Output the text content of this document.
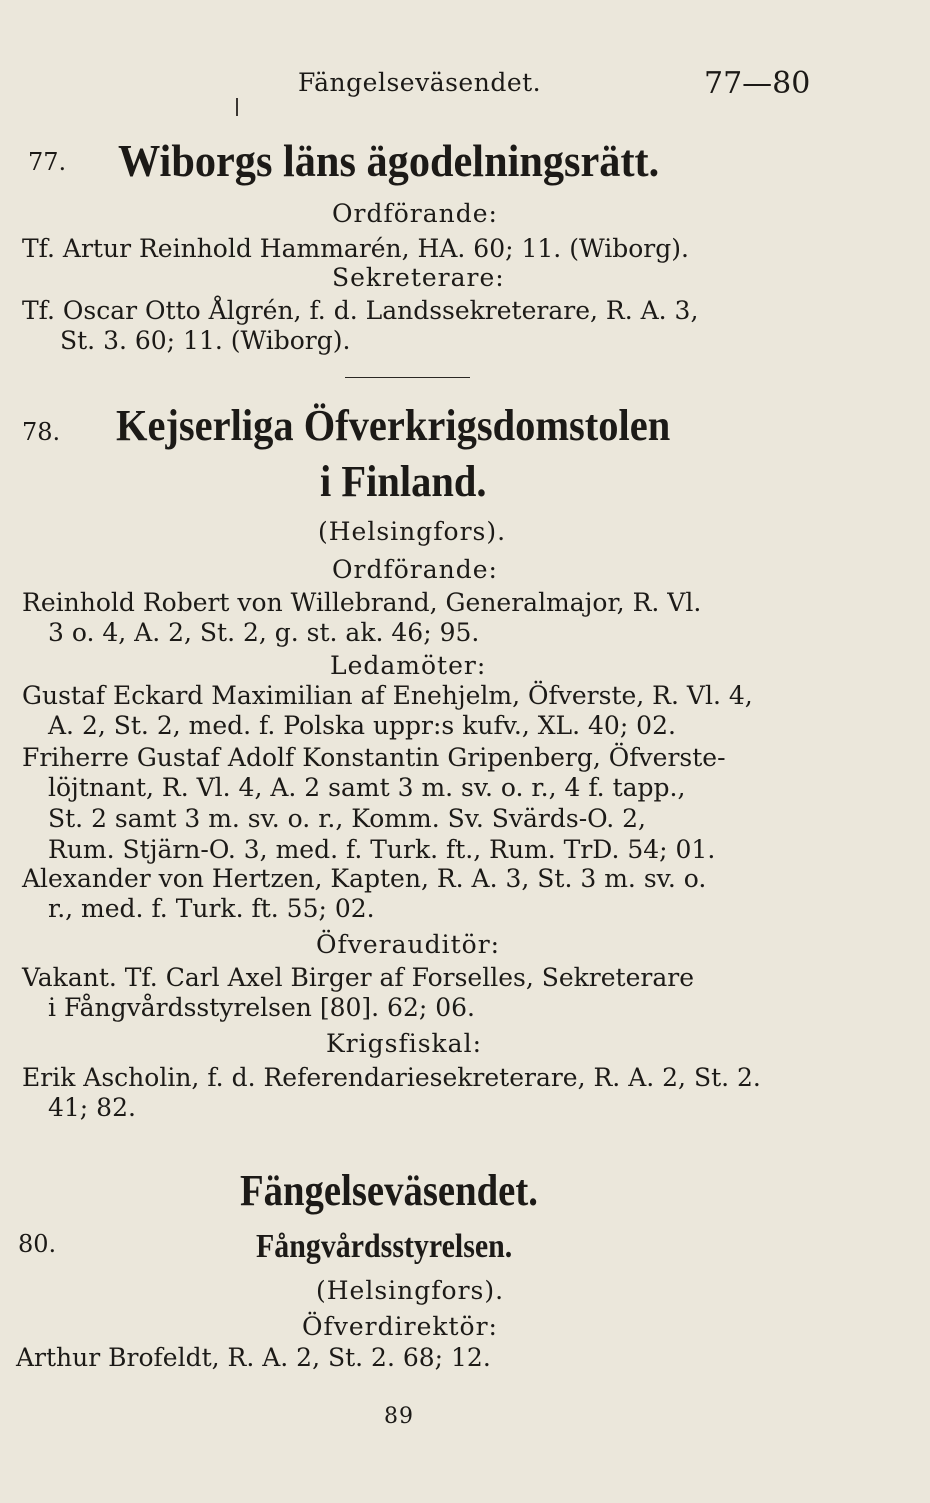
Fängelseväsendet.	77—80
77. Wiborgs läns ägodelningsrätt.
Ordförande:
Tf. Artur Reinhold Hammarén, HA. 60; 11. (Wiborg).
Sekreterare:
Tf. Oscar Otto Ålgrén, f. d. Landssekreterare, R. A. 3,
St. 3. 60; 11. (Wiborg).
78. Kejserliga Öfverkrigsdomstolen
i Finland.
(Helsingfors).
Ordförande:
Reinhold Robert von Willebrand, Generalmajor, R. Vl.
3 o. 4, A. 2, St. 2, g. st. ak. 46; 95.
Ledamöter:
Gustaf Eckard Maximilian af Enehjelm, Öfverste, R. Vl. 4,
A. 2, St. 2, med. f. Polska uppr:s kufv., XL. 40; 02.
Friherre Gustaf Adolf Konstantin Gripenberg, Öfverste-
löjtnant, R. Vl. 4, A. 2 samt 3 m. sv. o. r., 4 f. tapp.,
St. 2 samt 3 m. sv. o. r., Komm. Sv. Svärds-O. 2,
Rum. Stjärn-O. 3, med. f. Turk. ft., Rum. TrD. 54; 01.
Alexander von Hertzen, Kapten, R. A. 3, St. 3 m. sv. o.
r., med. f. Turk. ft. 55; 02.
Öfverauditör:
Vakant. Tf. Carl Axel Birger af Forselles, Sekreterare
i Fångvårdsstyrelsen [80]. 62; 06.
Krigsfiskal:
Erik Ascholin, f. d. Referendariesekreterare, R. A. 2, St. 2.
41; 82.
Fängelseväsendet.
80.	Fångvårdsstyrelsen.
(Helsingfors).
Öfverdirektör:
Arthur Brofeldt, R. A. 2, St. 2. 68; 12.
89
